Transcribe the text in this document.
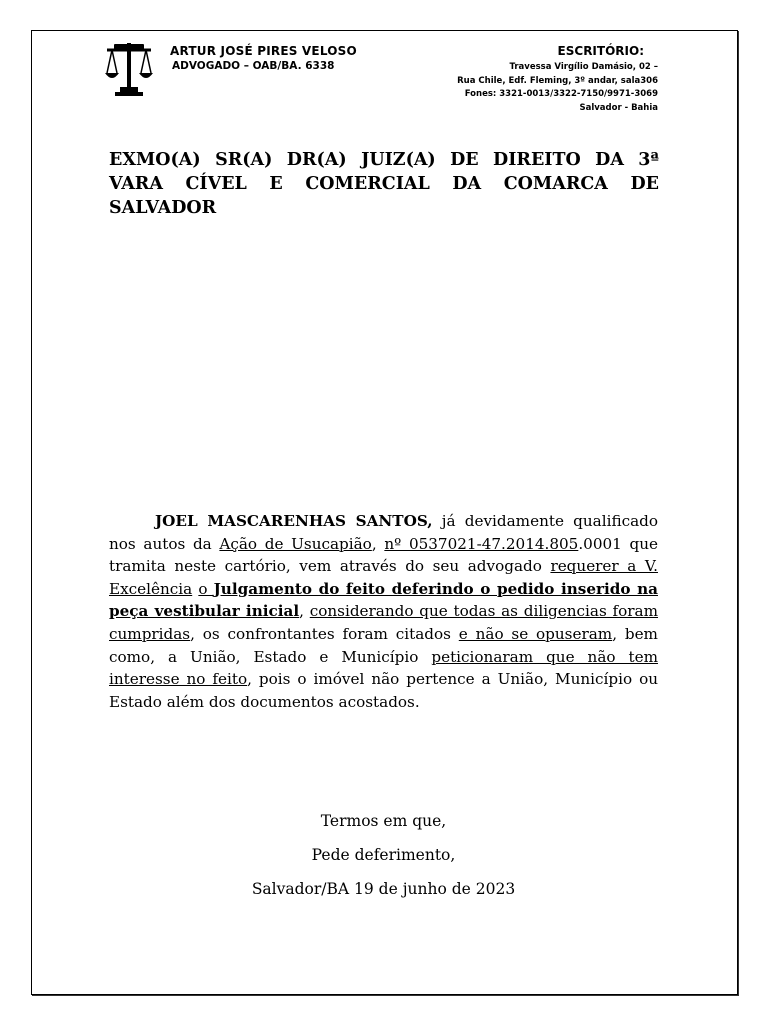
ARTUR JOSÉ PIRES VELOSO
ADVOGADO – OAB/BA. 6338
ESCRITÓRIO:
Travessa Virgílio Damásio, 02 –
Rua Chile, Edf. Fleming, 3º andar, sala306
Fones: 3321-0013/3322-7150/9971-3069
Salvador - Bahia
EXMO(A) SR(A) DR(A) JUIZ(A) DE DIREITO DA 3ª VARA CÍVEL E COMERCIAL DA COMARCA DE SALVADOR
JOEL MASCARENHAS SANTOS, já devidamente qualificado nos autos da Ação de Usucapião, nº 0537021-47.2014.805.0001 que tramita neste cartório, vem através do seu advogado requerer a V. Excelência o Julgamento do feito deferindo o pedido inserido na peça vestibular inicial, considerando que todas as diligencias foram cumpridas, os confrontantes foram citados e não se opuseram, bem como, a União, Estado e Município peticionaram que não tem interesse no feito, pois o imóvel não pertence a União, Município ou Estado além dos documentos acostados.
Termos em que,
Pede deferimento,
Salvador/BA 19 de junho de 2023
